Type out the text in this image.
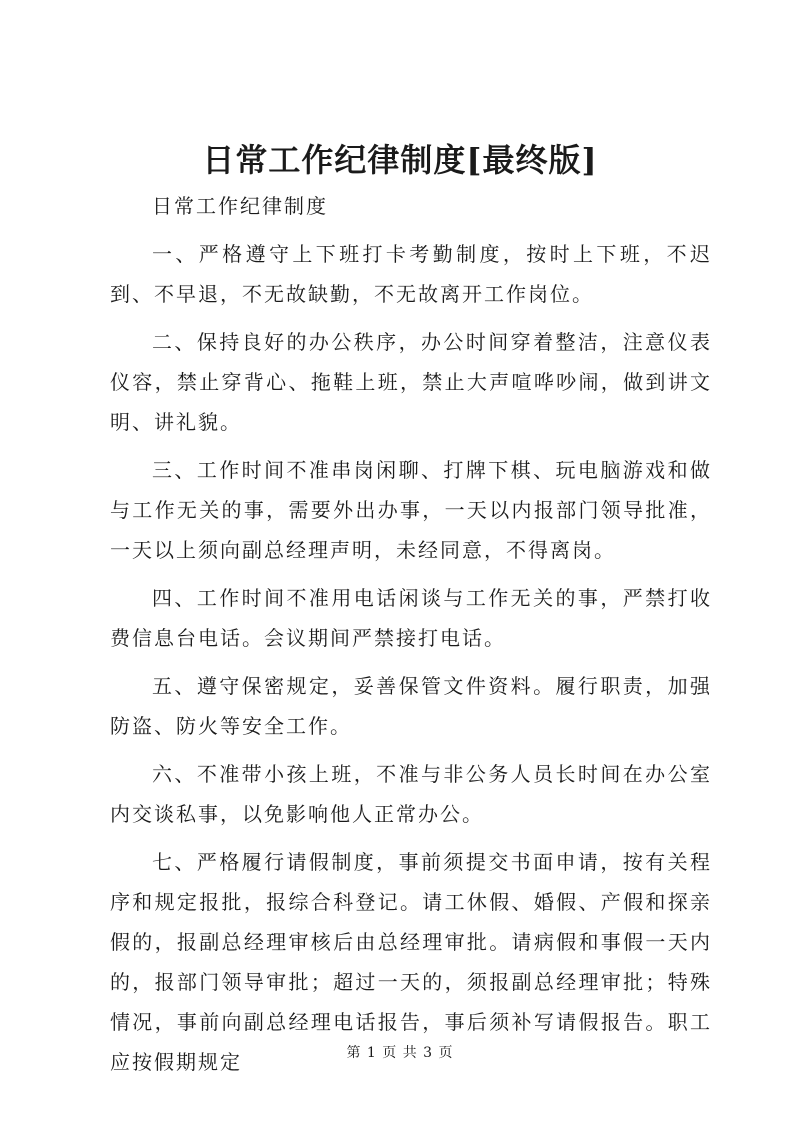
日常工作纪律制度[最终版]

日常工作纪律制度

一、严格遵守上下班打卡考勤制度，按时上下班，不迟到、不早退，不无故缺勤，不无故离开工作岗位。

二、保持良好的办公秩序，办公时间穿着整洁，注意仪表仪容，禁止穿背心、拖鞋上班，禁止大声喧哗吵闹，做到讲文明、讲礼貌。

三、工作时间不准串岗闲聊、打牌下棋、玩电脑游戏和做与工作无关的事，需要外出办事，一天以内报部门领导批准，一天以上须向副总经理声明，未经同意，不得离岗。

四、工作时间不准用电话闲谈与工作无关的事，严禁打收费信息台电话。会议期间严禁接打电话。

五、遵守保密规定，妥善保管文件资料。履行职责，加强防盗、防火等安全工作。

六、不准带小孩上班，不准与非公务人员长时间在办公室内交谈私事，以免影响他人正常办公。

七、严格履行请假制度，事前须提交书面申请，按有关程序和规定报批，报综合科登记。请工休假、婚假、产假和探亲假的，报副总经理审核后由总经理审批。请病假和事假一天内的，报部门领导审批；超过一天的，须报副总经理审批；特殊情况，事前向副总经理电话报告，事后须补写请假报告。职工应按假期规定	第 1 页 共 3 页
